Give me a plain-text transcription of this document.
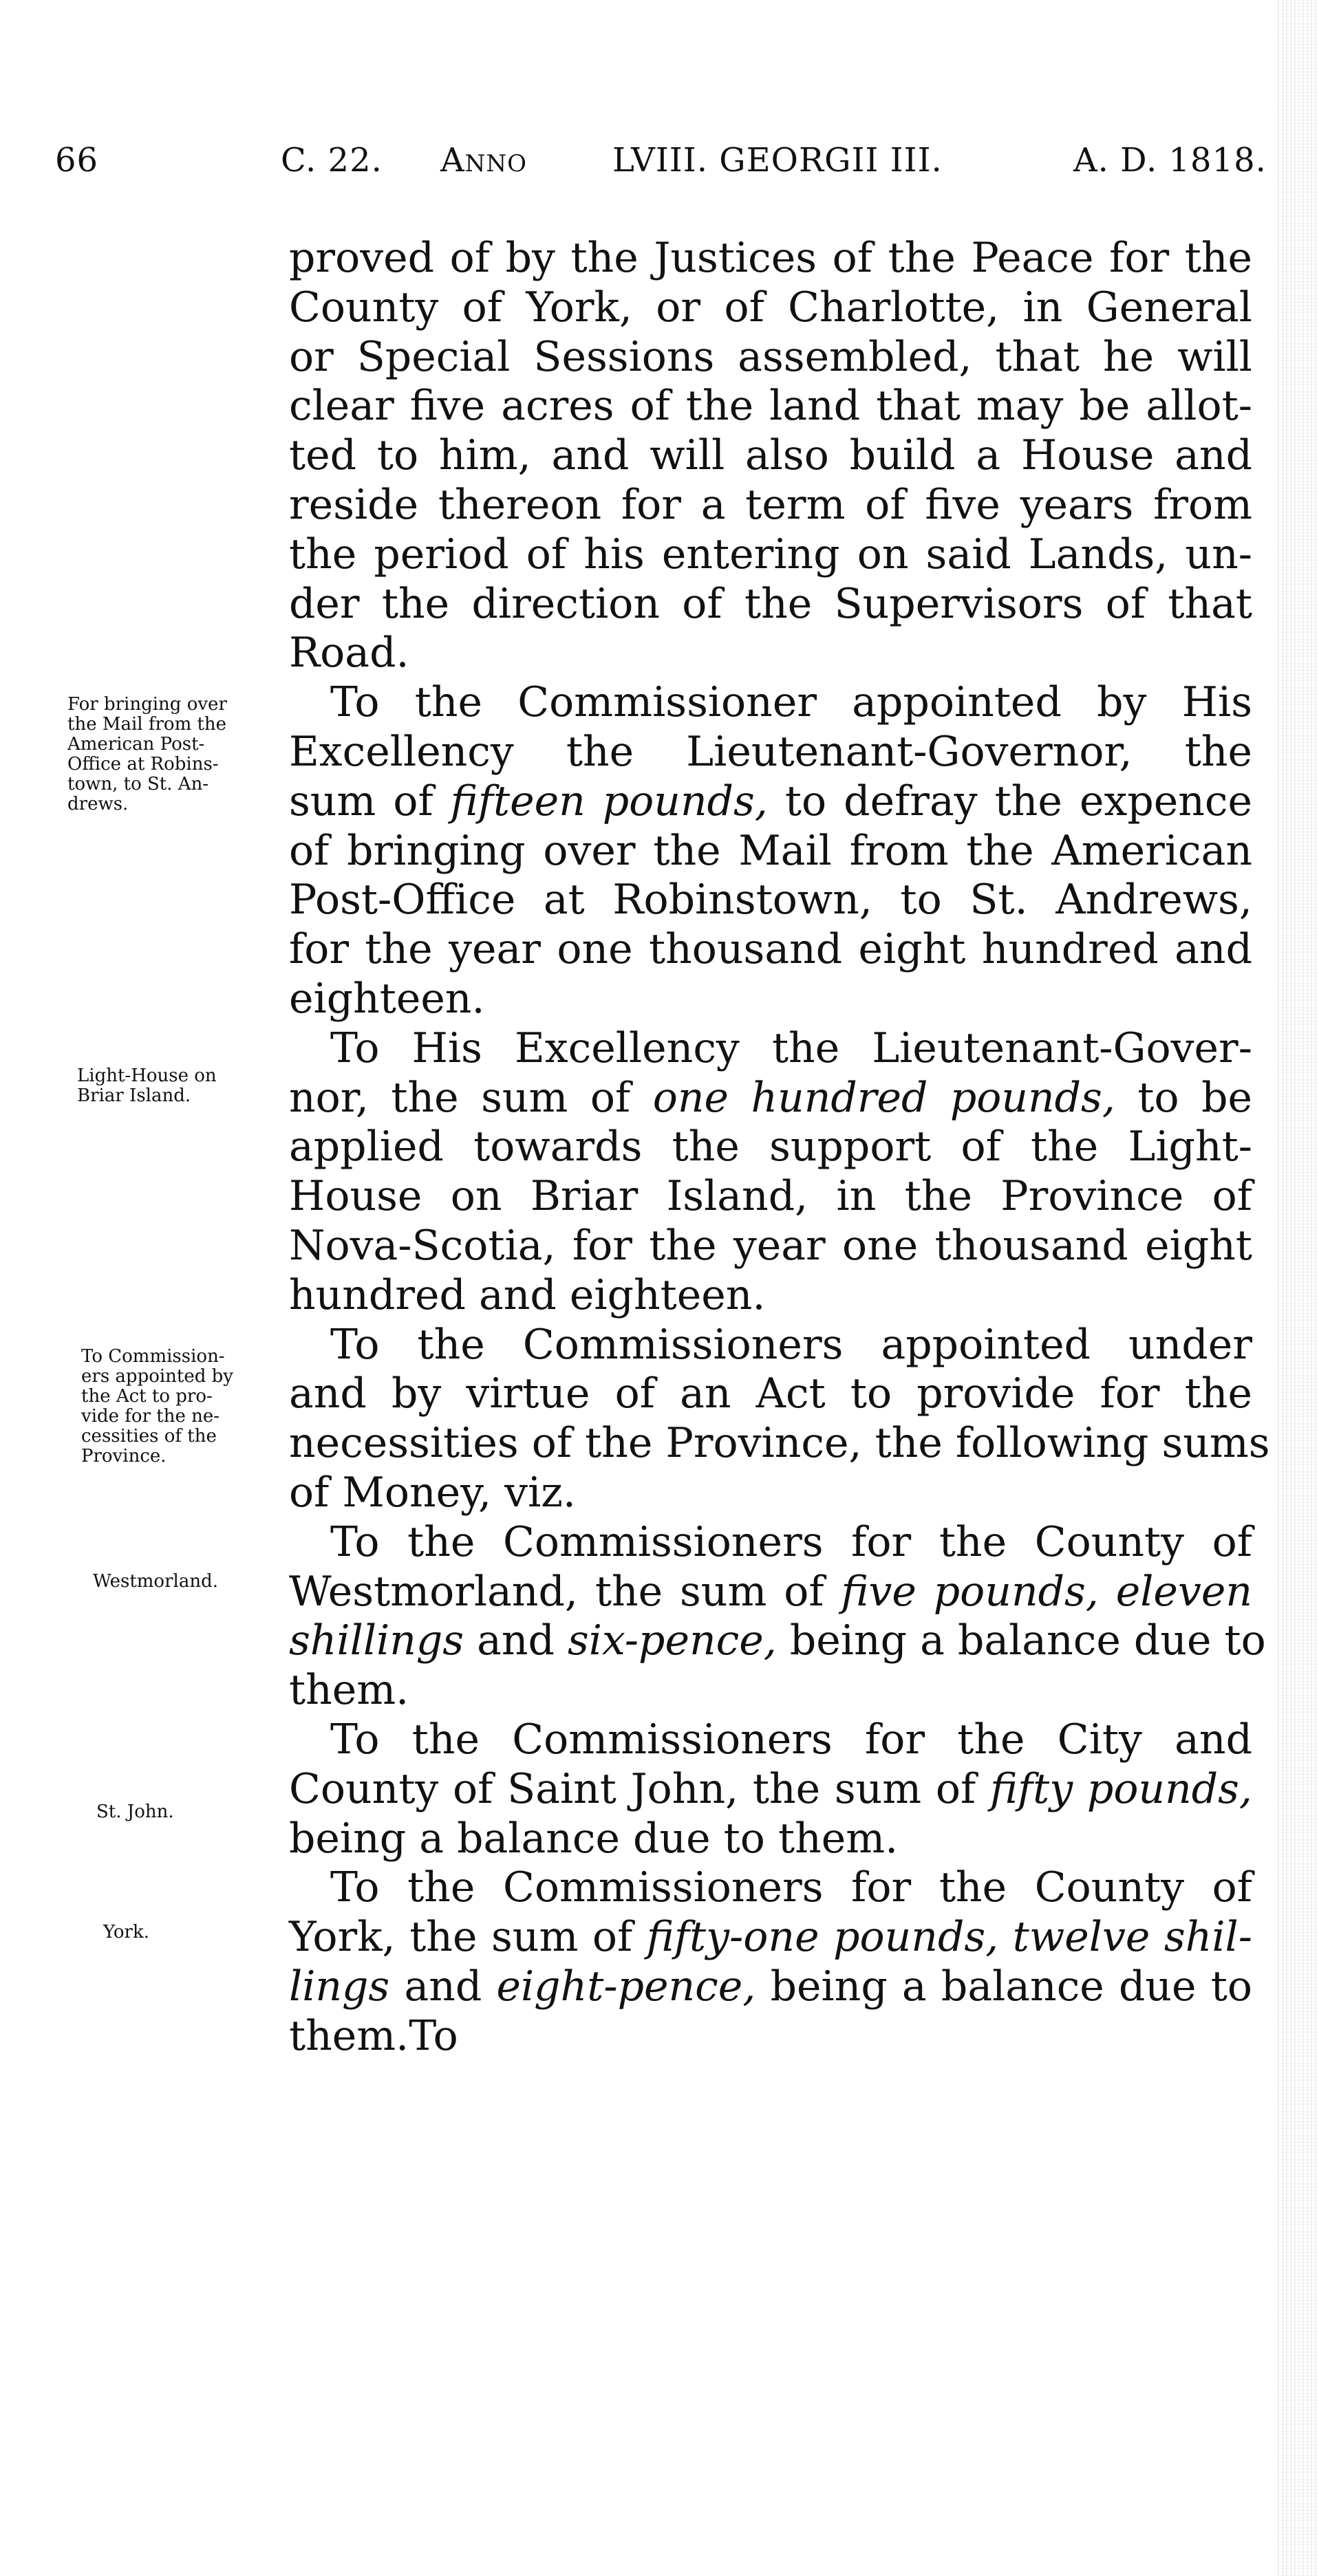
66	C. 22. Anno	LVIII. GEORGII III.	A. D. 1818.
For bringing over
the Mail from the
American Post-
Office at Robins-
town, to St. An-
drews.
Light-House on
Briar Island.
To Commission-
ers appointed by
the Act to pro-
vide for the ne-
cessities of the
Province.
Westmorland.
St. John.
York.
proved of by the Justices of the Peace for the
County of York, or of Charlotte, in General
or Special Sessions assembled, that he will
clear five acres of the land that may be allot-
ted to him, and will also build a House and
reside thereon for a term of five years from
the period of his entering on said Lands, un-
der the direction of the Supervisors of that
Road.
To the Commissioner appointed by His
Excellency the Lieutenant-Governor, the
sum of fifteen pounds, to defray the expence
of bringing over the Mail from the American
Post-Office at Robinstown, to St. Andrews,
for the year one thousand eight hundred and
eighteen.
To His Excellency the Lieutenant-Gover-
nor, the sum of one hundred pounds, to be
applied towards the support of the Light-
House on Briar Island, in the Province of
Nova-Scotia, for the year one thousand eight
hundred and eighteen.
To the Commissioners appointed under
and by virtue of an Act to provide for the
necessities of the Province, the following sums
of Money, viz.
To the Commissioners for the County of
Westmorland, the sum of five pounds, eleven
shillings and six-pence, being a balance due to
them.
To the Commissioners for the City and
County of Saint John, the sum of fifty pounds,
being a balance due to them.
To the Commissioners for the County of
York, the sum of fifty-one pounds, twelve shil-
lings and eight-pence, being a balance due to
them.To
